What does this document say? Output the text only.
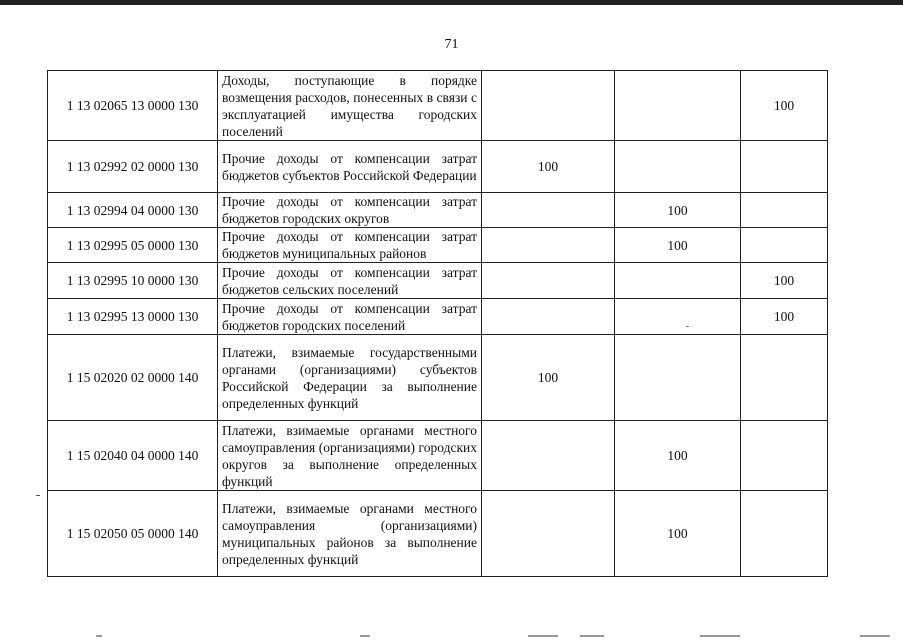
71
1 13 02065 13 0000 130	Доходы, поступающие в порядке возмещения расходов, понесенных в связи с эксплуатацией имущества городских поселений			100
1 13 02992 02 0000 130	Прочие доходы от компенсации затрат бюджетов субъектов Российской Федерации	100		
1 13 02994 04 0000 130	Прочие доходы от компенсации затрат бюджетов городских округов		100	
1 13 02995 05 0000 130	Прочие доходы от компенсации затрат бюджетов муниципальных районов		100	
1 13 02995 10 0000 130	Прочие доходы от компенсации затрат бюджетов сельских поселений			100
1 13 02995 13 0000 130	Прочие доходы от компенсации затрат бюджетов городских поселений			100
1 15 02020 02 0000 140	Платежи, взимаемые государственными органами (организациями) субъектов Российской Федерации за выполнение определенных функций	100		
1 15 02040 04 0000 140	Платежи, взимаемые органами местного самоуправления (организациями) городских округов за выполнение определенных функций		100	
1 15 02050 05 0000 140	Платежи, взимаемые органами местного самоуправления (организациями) муниципальных районов за выполнение определенных функций		100	
